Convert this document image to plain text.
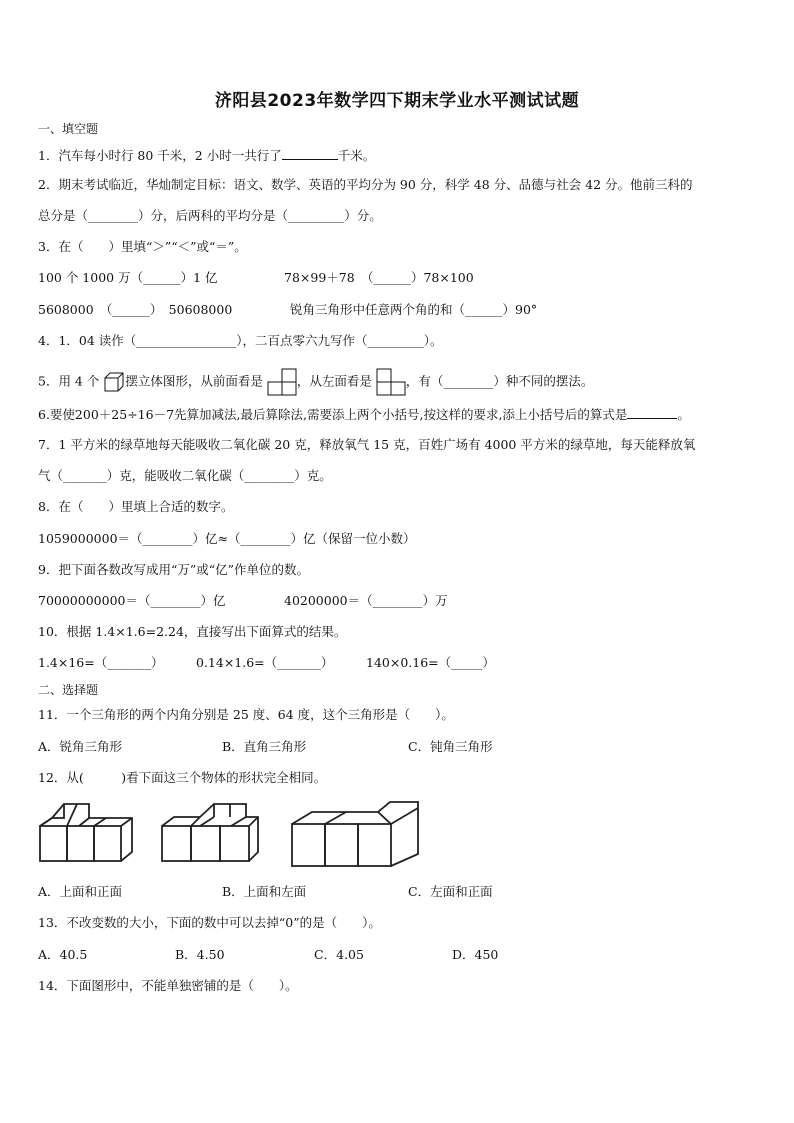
济阳县2023年数学四下期末学业水平测试试题
一、填空题
1．汽车每小时行 80 千米，2 小时一共行了	千米。
2．期末考试临近，华灿制定目标：语文、数学、英语的平均分为 90 分，科学 48 分、品德与社会 42 分。他前三科的
总分是（________）分，后两科的平均分是（_________）分。
3．在（　　）里填“＞”“＜”或“＝”。
100 个 1000 万（______）1 亿	78×99＋78　（______）78×100
5608000　（______）　50608000	锐角三角形中任意两个角的和（______）90°
4．1．04 读作（________________），二百点零六九写作（_________）。
5．用 4 个 摆立体图形，从前面看是	，从左面看是	，有（________）种不同的摆法。
6.要使200＋25÷16－7先算加减法,最后算除法,需要添上两个小括号,按这样的要求,添上小括号后的算式是	。
7．1 平方米的绿草地每天能吸收二氧化碳 20 克，释放氧气 15 克，百姓广场有 4000 平方米的绿草地，每天能释放氧
气（_______）克，能吸收二氧化碳（________）克。
8．在（　　）里填上合适的数字。
1059000000＝（________）亿≈（________）亿（保留一位小数）
9．把下面各数改写成用“万”或“亿”作单位的数。
70000000000＝（________）亿	40200000＝（________）万
10．根据 1.4×1.6=2.24，直接写出下面算式的结果。
1.4×16=（_______）	0.14×1.6=（_______）	140×0.16=（_____）
二、选择题
11．一个三角形的两个内角分别是 25 度、64 度，这个三角形是（　　）。
A．锐角三角形	B．直角三角形	C．钝角三角形
12．从(　　　)看下面这三个物体的形状完全相同。
A．上面和正面	B．上面和左面	C．左面和正面
13．不改变数的大小，下面的数中可以去掉“0”的是（　　）。
A．40.5	B．4.50	C．4.05	D．450
14．下面图形中，不能单独密铺的是（　　）。
